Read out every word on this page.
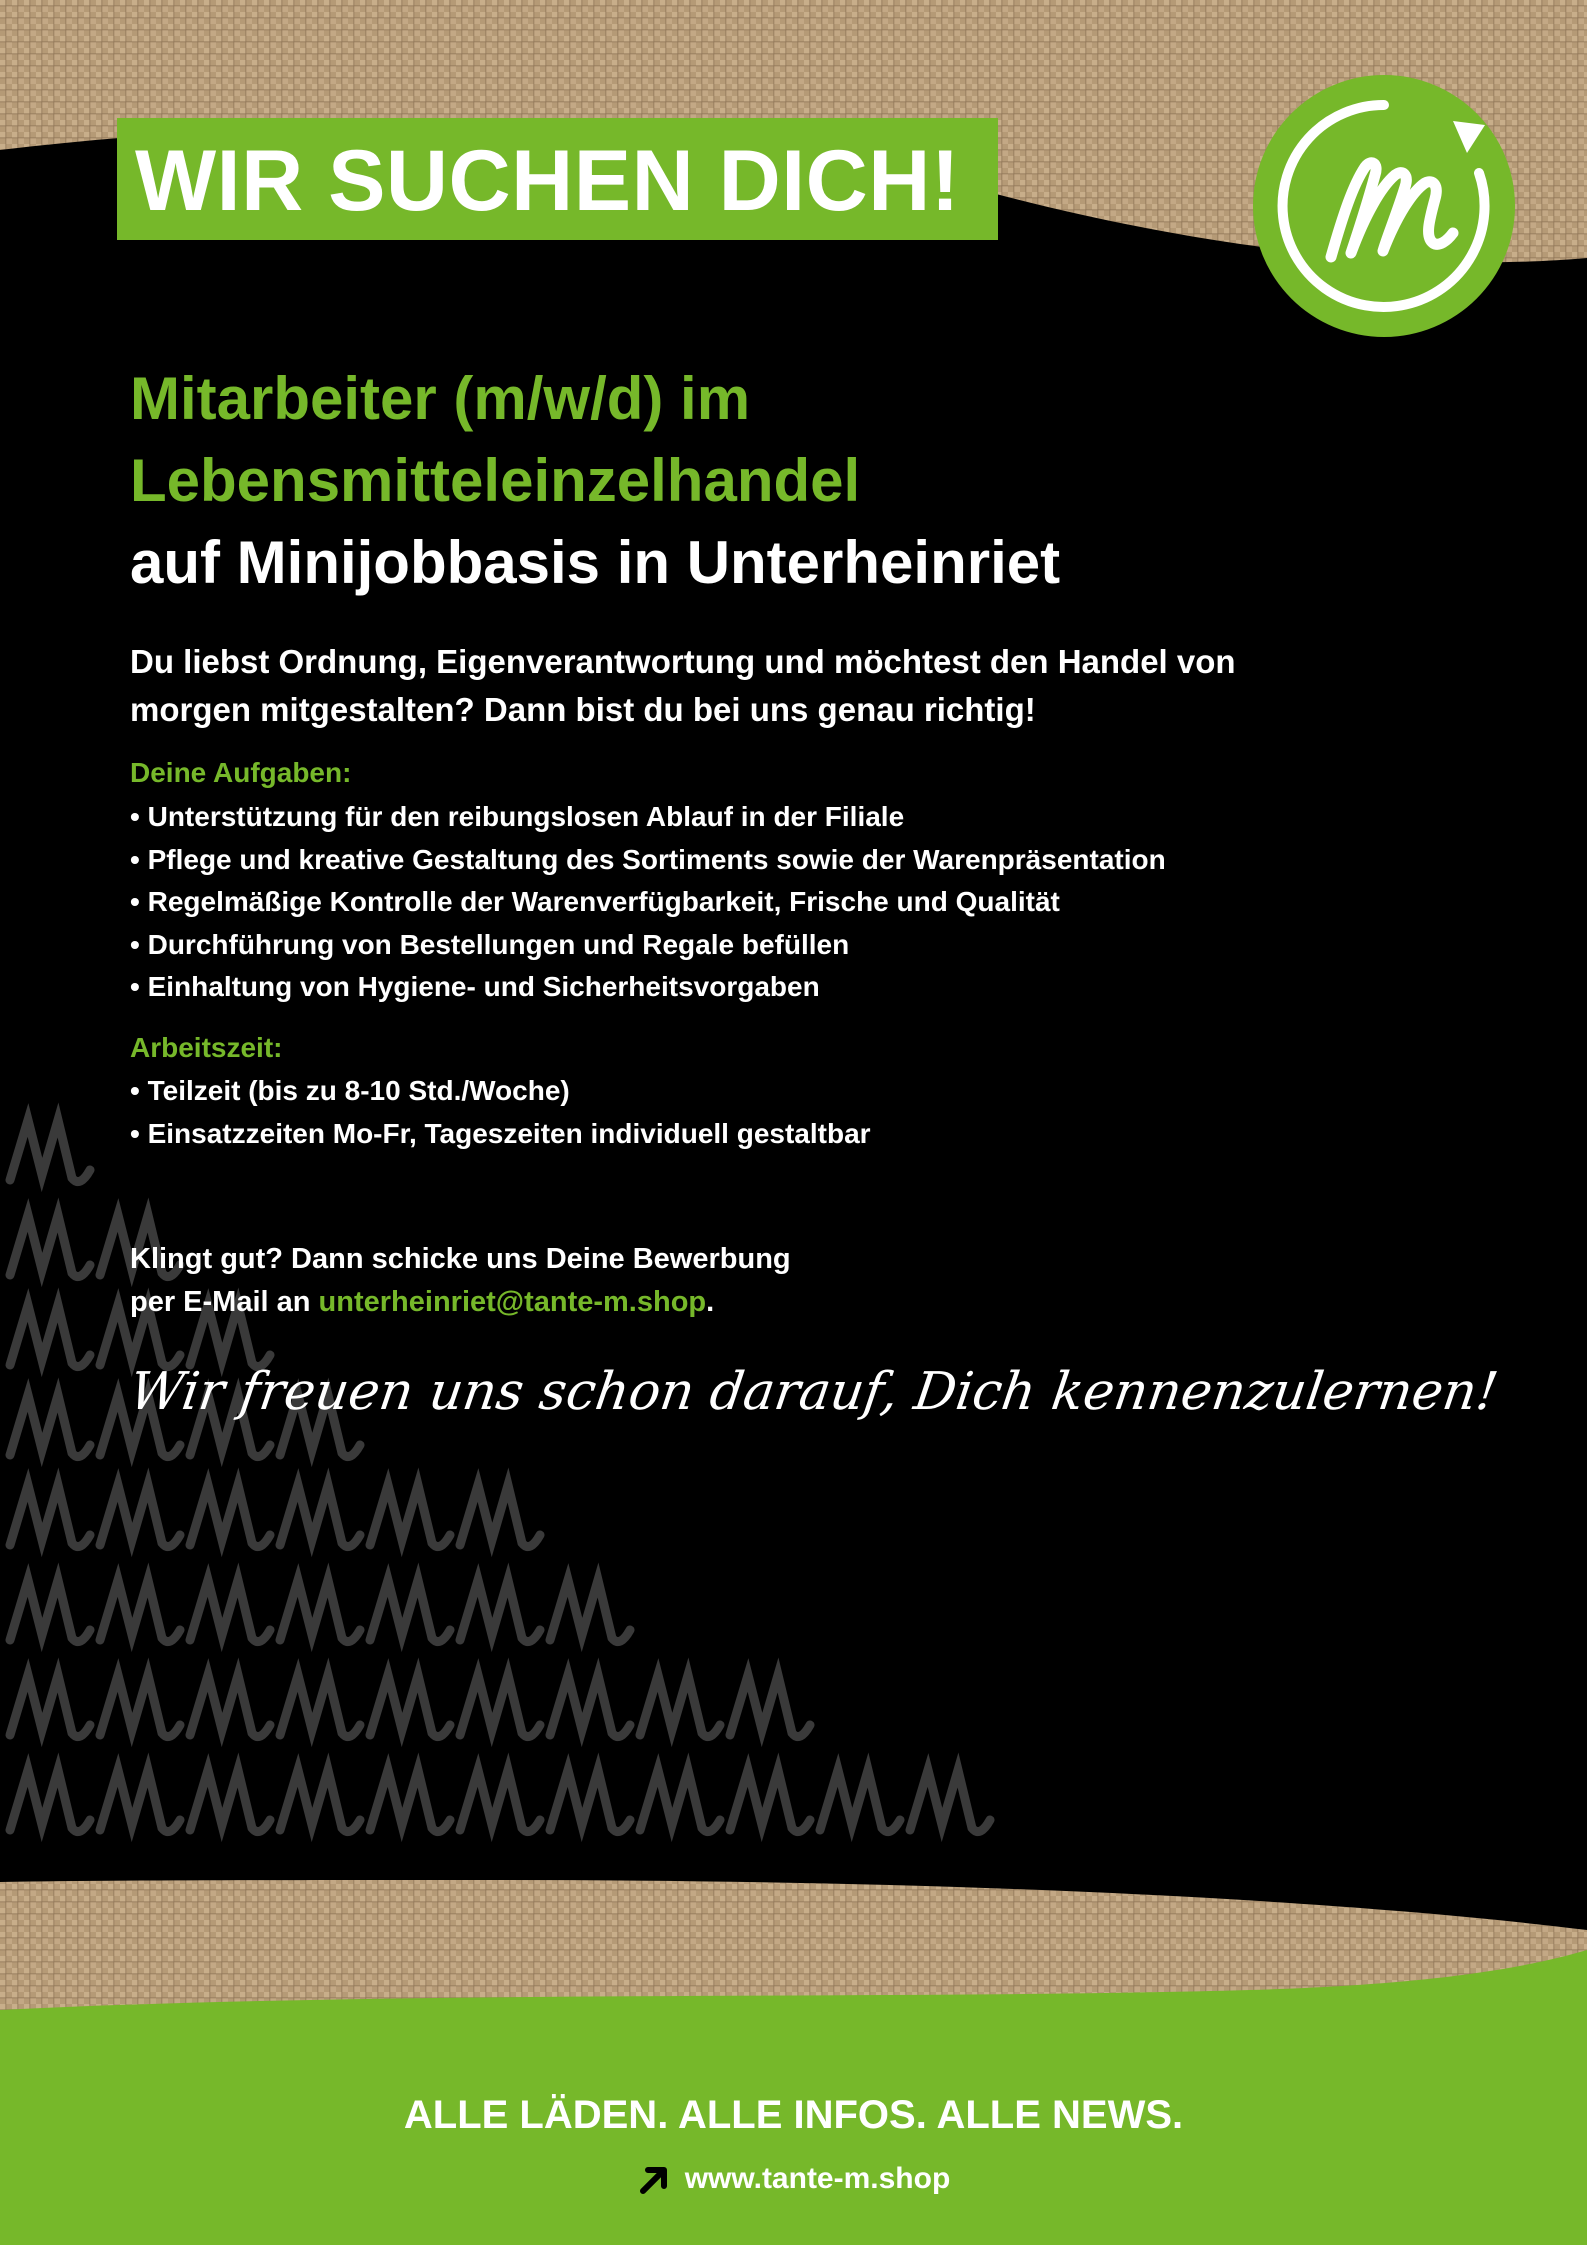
WIR SUCHEN DICH!
Mitarbeiter (m/w/d) im
Lebensmitteleinzelhandel
auf Minijobbasis in Unterheinriet
Du liebst Ordnung, Eigenverantwortung und möchtest den Handel von
morgen mitgestalten? Dann bist du bei uns genau richtig!
Deine Aufgaben:
• Unterstützung für den reibungslosen Ablauf in der Filiale
• Pflege und kreative Gestaltung des Sortiments sowie der Warenpräsentation
• Regelmäßige Kontrolle der Warenverfügbarkeit, Frische und Qualität
• Durchführung von Bestellungen und Regale befüllen
• Einhaltung von Hygiene- und Sicherheitsvorgaben
Arbeitszeit:
• Teilzeit (bis zu 8-10 Std./Woche)
• Einsatzzeiten Mo-Fr, Tageszeiten individuell gestaltbar
Klingt gut? Dann schicke uns Deine Bewerbung
per E-Mail an unterheinriet@tante-m.shop.
Wir freuen uns schon darauf, Dich kennenzulernen!
ALLE LÄDEN. ALLE INFOS. ALLE NEWS.
www.tante-m.shop
